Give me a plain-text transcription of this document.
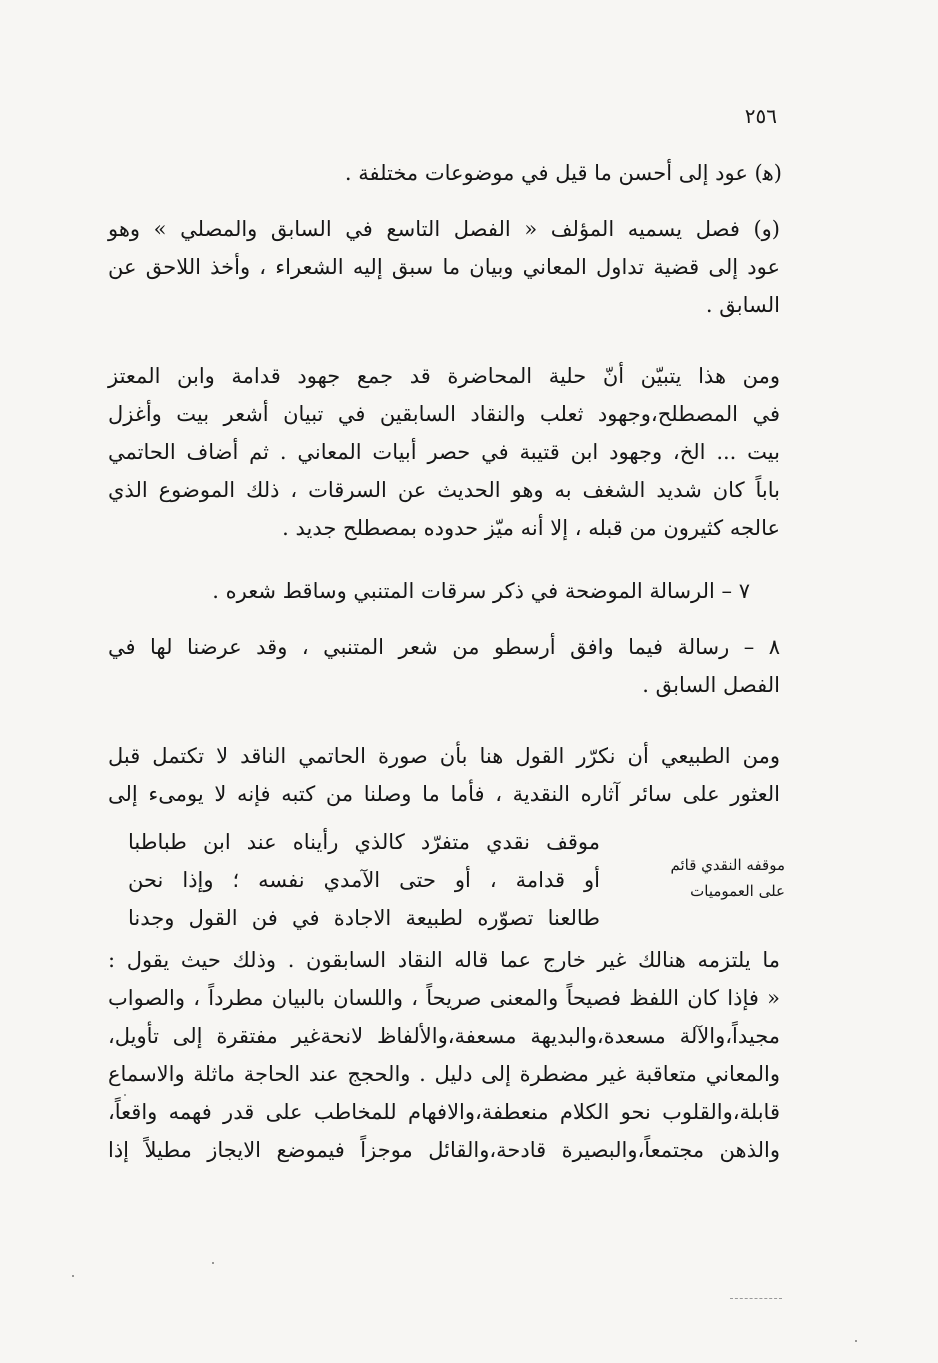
٢٥٦
(ﻫ) عود إلى أحسن ما قيل في موضوعات مختلفة .
(و) فصل يسميه المؤلف « الفصل التاسع في السابق والمصلي » وهو
عود إلى قضية تداول المعاني وبيان ما سبق إليه الشعراء ، وأخذ اللاحق عن
السابق .
ومن هذا يتبيّن أنّ حلية المحاضرة قد جمع جهود قدامة وابن المعتز
في المصطلح،وجهود ثعلب والنقاد السابقين في تبيان أشعر بيت وأغزل
بيت ... الخ، وجهود ابن قتيبة في حصر أبيات المعاني . ثم أضاف الحاتمي
باباً كان شديد الشغف به وهو الحديث عن السرقات ، ذلك الموضوع الذي
عالجه كثيرون من قبله ، إلا أنه ميّز حدوده بمصطلح جديد .
٧ – الرسالة الموضحة في ذكر سرقات المتنبي وساقط شعره .
٨ – رسالة فيما وافق أرسطو من شعر المتنبي ، وقد عرضنا لها في
الفصل السابق .
ومن الطبيعي أن نكرّر القول هنا بأن صورة الحاتمي الناقد لا تكتمل قبل
العثور على سائر آثاره النقدية ، فأما ما وصلنا من كتبه فإنه لا يومىء إلى
موقف نقدي متفرّد كالذي رأيناه عند ابن طباطبا
أو قدامة ، أو حتى الآمدي نفسه ؛ وإذا نحن
طالعنا تصوّره لطبيعة الاجادة في فن القول وجدنا
ما يلتزمه هنالك غير خارج عما قاله النقاد السابقون . وذلك حيث يقول :
« فإذا كان اللفظ فصيحاً والمعنى صريحاً ، واللسان بالبيان مطرداً ، والصواب
مجيداً،والآلة مسعدة،والبديهة مسعفة،والألفاظ لانحةغير مفتقرة إلى تأويل،
والمعاني متعاقبة غير مضطرة إلى دليل . والحجج عند الحاجة ماثلة والاسماع
قابلة،والقلوب نحو الكلام منعطفة،والافهام للمخاطب على قدر فهمه واقعاً،
والذهن مجتمعاً،والبصيرة قادحة،والقائل موجزاً فيموضع الايجاز مطيلاً إذا
موقفه النقدي قائم
على العموميات
